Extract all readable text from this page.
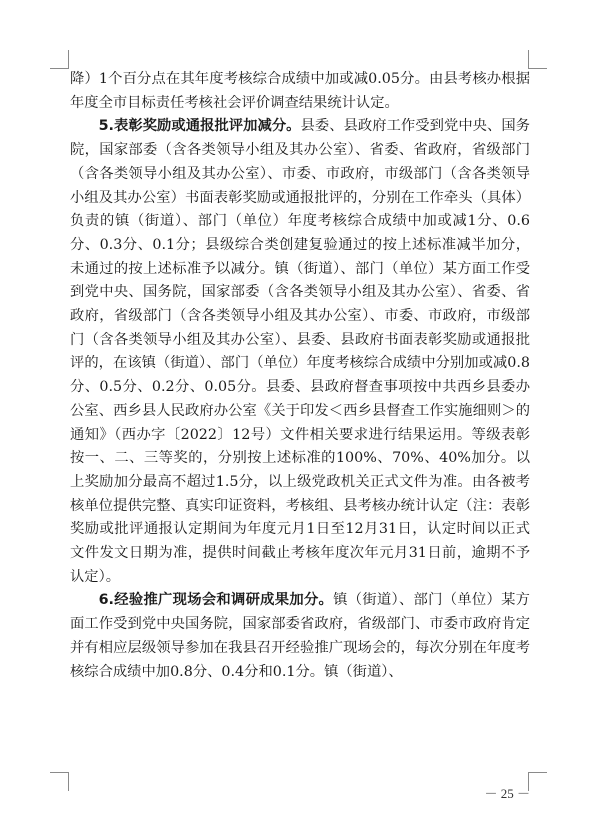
降）1个百分点在其年度考核综合成绩中加或减0.05分。由县考核办根据年度全市目标责任考核社会评价调查结果统计认定。

5.表彰奖励或通报批评加减分。县委、县政府工作受到党中央、国务院，国家部委（含各类领导小组及其办公室）、省委、省政府，省级部门（含各类领导小组及其办公室）、市委、市政府，市级部门（含各类领导小组及其办公室）书面表彰奖励或通报批评的，分别在工作牵头（具体）负责的镇（街道）、部门（单位）年度考核综合成绩中加或减1分、0.6分、0.3分、0.1分；县级综合类创建复验通过的按上述标准减半加分，未通过的按上述标准予以减分。镇（街道）、部门（单位）某方面工作受到党中央、国务院，国家部委（含各类领导小组及其办公室）、省委、省政府，省级部门（含各类领导小组及其办公室）、市委、市政府，市级部门（含各类领导小组及其办公室）、县委、县政府书面表彰奖励或通报批评的，在该镇（街道）、部门（单位）年度考核综合成绩中分别加或减0.8分、0.5分、0.2分、0.05分。县委、县政府督查事项按中共西乡县委办公室、西乡县人民政府办公室《关于印发＜西乡县督查工作实施细则＞的通知》（西办字〔2022〕12号）文件相关要求进行结果运用。等级表彰按一、二、三等奖的，分别按上述标准的100%、70%、40%加分。以上奖励加分最高不超过1.5分，以上级党政机关正式文件为准。由各被考核单位提供完整、真实印证资料，考核组、县考核办统计认定（注：表彰奖励或批评通报认定期间为年度元月1日至12月31日，认定时间以正式文件发文日期为准，提供时间截止考核年度次年元月31日前，逾期不予认定）。

6.经验推广现场会和调研成果加分。镇（街道）、部门（单位）某方面工作受到党中央国务院，国家部委省政府，省级部门、市委市政府肯定并有相应层级领导参加在我县召开经验推广现场会的，每次分别在年度考核综合成绩中加0.8分、0.4分和0.1分。镇（街道）、

－ 25 －
